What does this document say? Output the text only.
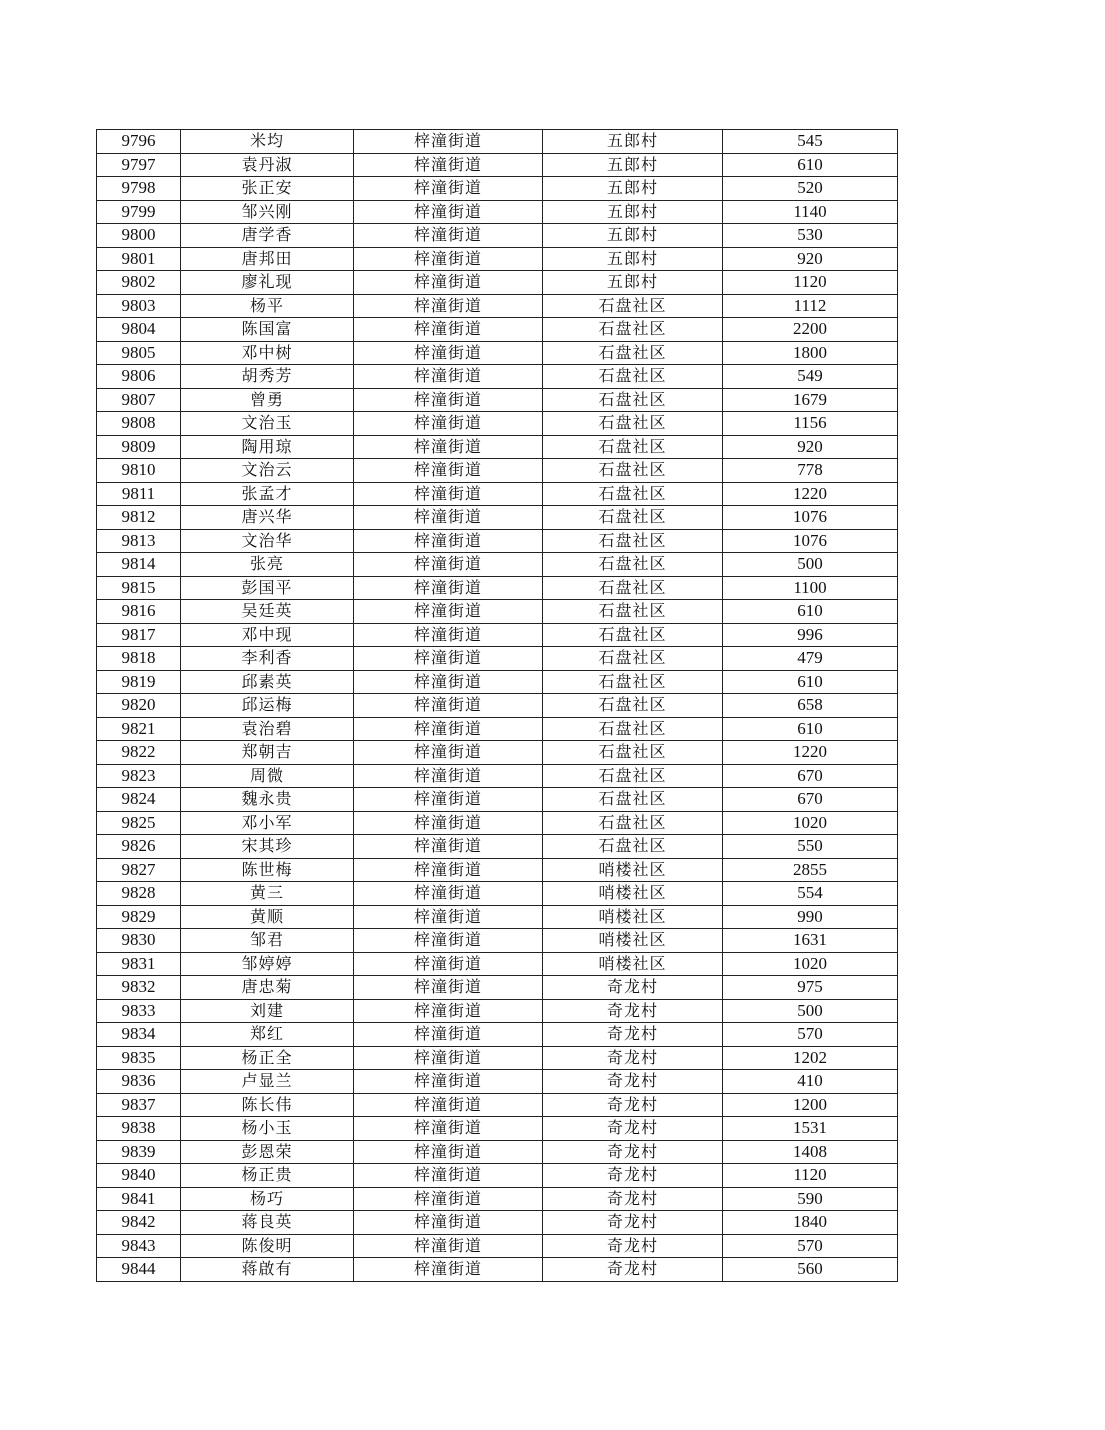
9796	米均	梓潼街道	五郎村	545
9797	袁丹淑	梓潼街道	五郎村	610
9798	张正安	梓潼街道	五郎村	520
9799	邹兴刚	梓潼街道	五郎村	1140
9800	唐学香	梓潼街道	五郎村	530
9801	唐邦田	梓潼街道	五郎村	920
9802	廖礼现	梓潼街道	五郎村	1120
9803	杨平	梓潼街道	石盘社区	1112
9804	陈国富	梓潼街道	石盘社区	2200
9805	邓中树	梓潼街道	石盘社区	1800
9806	胡秀芳	梓潼街道	石盘社区	549
9807	曾勇	梓潼街道	石盘社区	1679
9808	文治玉	梓潼街道	石盘社区	1156
9809	陶用琼	梓潼街道	石盘社区	920
9810	文治云	梓潼街道	石盘社区	778
9811	张孟才	梓潼街道	石盘社区	1220
9812	唐兴华	梓潼街道	石盘社区	1076
9813	文治华	梓潼街道	石盘社区	1076
9814	张亮	梓潼街道	石盘社区	500
9815	彭国平	梓潼街道	石盘社区	1100
9816	吴廷英	梓潼街道	石盘社区	610
9817	邓中现	梓潼街道	石盘社区	996
9818	李利香	梓潼街道	石盘社区	479
9819	邱素英	梓潼街道	石盘社区	610
9820	邱运梅	梓潼街道	石盘社区	658
9821	袁治碧	梓潼街道	石盘社区	610
9822	郑朝吉	梓潼街道	石盘社区	1220
9823	周微	梓潼街道	石盘社区	670
9824	魏永贵	梓潼街道	石盘社区	670
9825	邓小军	梓潼街道	石盘社区	1020
9826	宋其珍	梓潼街道	石盘社区	550
9827	陈世梅	梓潼街道	哨楼社区	2855
9828	黄三	梓潼街道	哨楼社区	554
9829	黄顺	梓潼街道	哨楼社区	990
9830	邹君	梓潼街道	哨楼社区	1631
9831	邹婷婷	梓潼街道	哨楼社区	1020
9832	唐忠菊	梓潼街道	奇龙村	975
9833	刘建	梓潼街道	奇龙村	500
9834	郑红	梓潼街道	奇龙村	570
9835	杨正全	梓潼街道	奇龙村	1202
9836	卢显兰	梓潼街道	奇龙村	410
9837	陈长伟	梓潼街道	奇龙村	1200
9838	杨小玉	梓潼街道	奇龙村	1531
9839	彭恩荣	梓潼街道	奇龙村	1408
9840	杨正贵	梓潼街道	奇龙村	1120
9841	杨巧	梓潼街道	奇龙村	590
9842	蒋良英	梓潼街道	奇龙村	1840
9843	陈俊明	梓潼街道	奇龙村	570
9844	蒋啟有	梓潼街道	奇龙村	560
